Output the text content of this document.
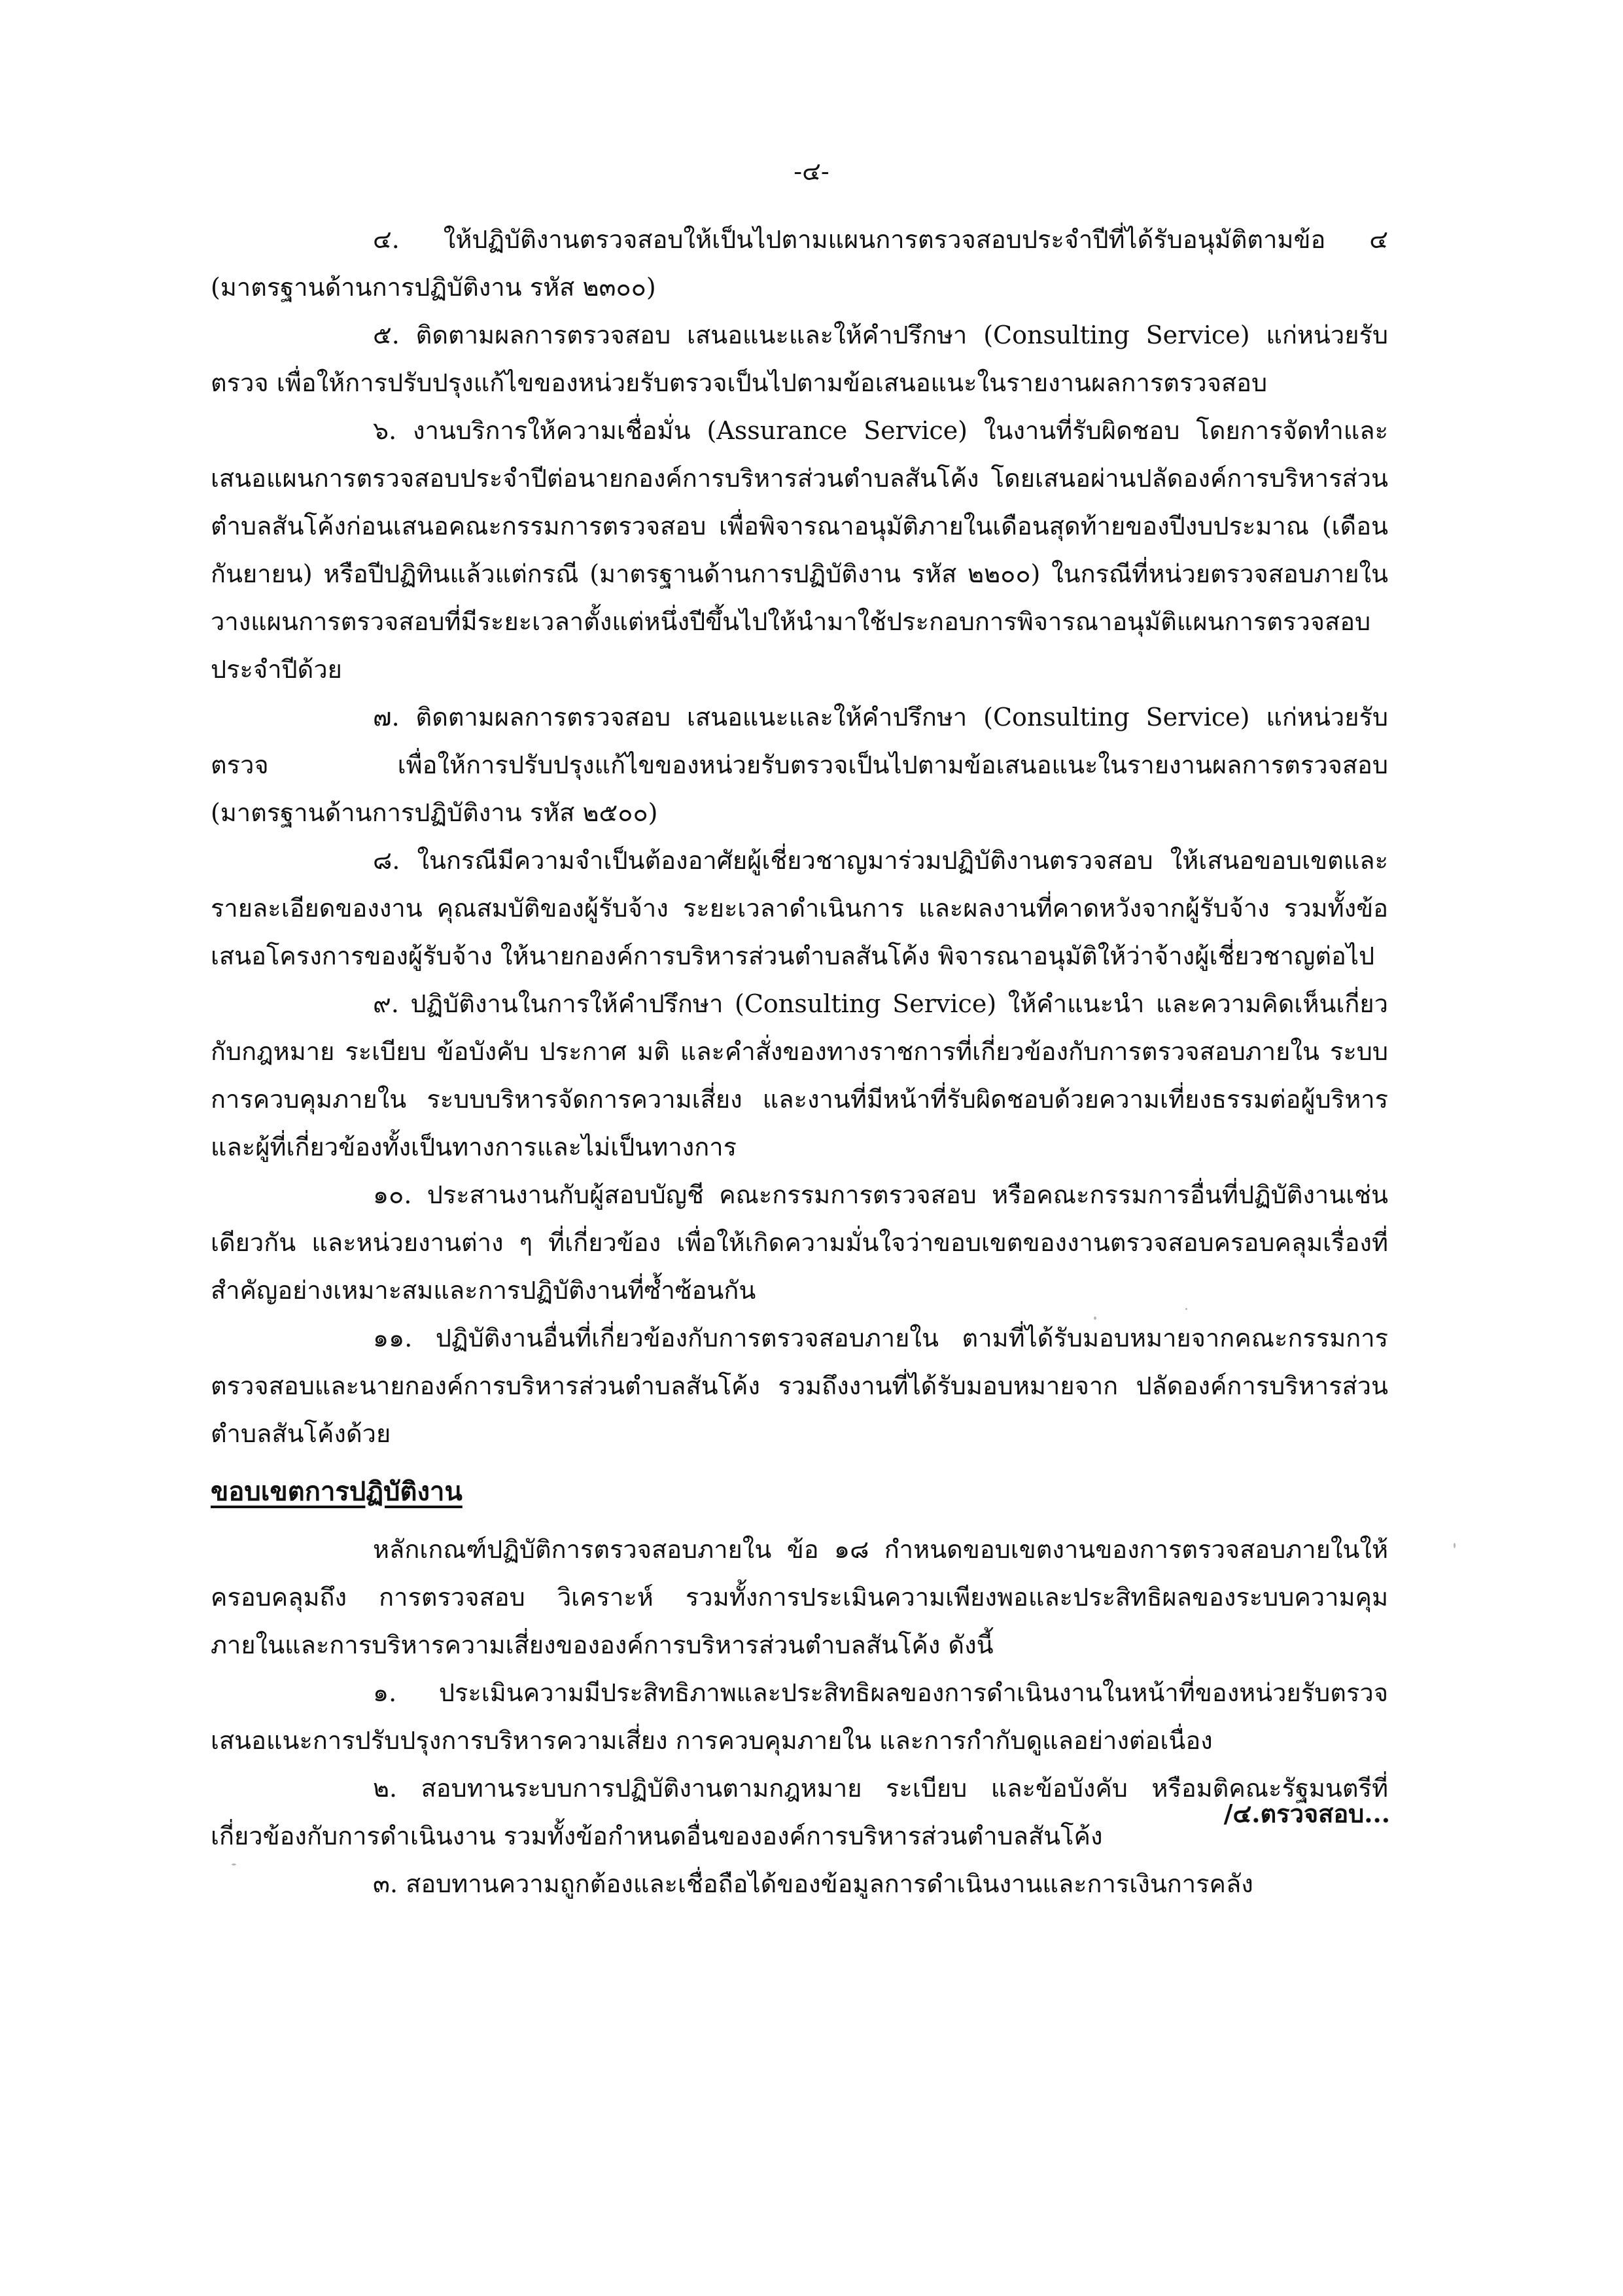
-๔-

๔. ให้ปฏิบัติงานตรวจสอบให้เป็นไปตามแผนการตรวจสอบประจำปีที่ได้รับอนุมัติตามข้อ ๔ (มาตรฐานด้านการปฏิบัติงาน รหัส ๒๓๐๐)

๕. ติดตามผลการตรวจสอบ เสนอแนะและให้คำปรึกษา (Consulting Service) แก่หน่วยรับตรวจ เพื่อให้การปรับปรุงแก้ไขของหน่วยรับตรวจเป็นไปตามข้อเสนอแนะในรายงานผลการตรวจสอบ

๖. งานบริการให้ความเชื่อมั่น (Assurance Service) ในงานที่รับผิดชอบ โดยการจัดทำและเสนอแผนการตรวจสอบประจำปีต่อนายกองค์การบริหารส่วนตำบลสันโค้ง โดยเสนอผ่านปลัดองค์การบริหารส่วนตำบลสันโค้งก่อนเสนอคณะกรรมการตรวจสอบ เพื่อพิจารณาอนุมัติภายในเดือนสุดท้ายของปีงบประมาณ (เดือนกันยายน) หรือปีปฏิทินแล้วแต่กรณี (มาตรฐานด้านการปฏิบัติงาน รหัส ๒๒๐๐) ในกรณีที่หน่วยตรวจสอบภายในวางแผนการตรวจสอบที่มีระยะเวลาตั้งแต่หนึ่งปีขึ้นไปให้นำมาใช้ประกอบการพิจารณาอนุมัติแผนการตรวจสอบประจำปีด้วย

๗. ติดตามผลการตรวจสอบ เสนอแนะและให้คำปรึกษา (Consulting Service) แก่หน่วยรับตรวจ เพื่อให้การปรับปรุงแก้ไขของหน่วยรับตรวจเป็นไปตามข้อเสนอแนะในรายงานผลการตรวจสอบ (มาตรฐานด้านการปฏิบัติงาน รหัส ๒๕๐๐)

๘. ในกรณีมีความจำเป็นต้องอาศัยผู้เชี่ยวชาญมาร่วมปฏิบัติงานตรวจสอบ ให้เสนอขอบเขตและรายละเอียดของงาน คุณสมบัติของผู้รับจ้าง ระยะเวลาดำเนินการ และผลงานที่คาดหวังจากผู้รับจ้าง รวมทั้งข้อเสนอโครงการของผู้รับจ้าง ให้นายกองค์การบริหารส่วนตำบลสันโค้ง พิจารณาอนุมัติให้ว่าจ้างผู้เชี่ยวชาญต่อไป

๙. ปฏิบัติงานในการให้คำปรึกษา (Consulting Service) ให้คำแนะนำ และความคิดเห็นเกี่ยวกับกฎหมาย ระเบียบ ข้อบังคับ ประกาศ มติ และคำสั่งของทางราชการที่เกี่ยวข้องกับการตรวจสอบภายใน ระบบการควบคุมภายใน ระบบบริหารจัดการความเสี่ยง และงานที่มีหน้าที่รับผิดชอบด้วยความเที่ยงธรรมต่อผู้บริหารและผู้ที่เกี่ยวข้องทั้งเป็นทางการและไม่เป็นทางการ

๑๐. ประสานงานกับผู้สอบบัญชี คณะกรรมการตรวจสอบ หรือคณะกรรมการอื่นที่ปฏิบัติงานเช่นเดียวกัน และหน่วยงานต่าง ๆ ที่เกี่ยวข้อง เพื่อให้เกิดความมั่นใจว่าขอบเขตของงานตรวจสอบครอบคลุมเรื่องที่สำคัญอย่างเหมาะสมและการปฏิบัติงานที่ซ้ำซ้อนกัน

๑๑. ปฏิบัติงานอื่นที่เกี่ยวข้องกับการตรวจสอบภายใน ตามที่ได้รับมอบหมายจากคณะกรรมการตรวจสอบและนายกองค์การบริหารส่วนตำบลสันโค้ง รวมถึงงานที่ได้รับมอบหมายจาก ปลัดองค์การบริหารส่วนตำบลสันโค้งด้วย

ขอบเขตการปฏิบัติงาน

หลักเกณฑ์ปฏิบัติการตรวจสอบภายใน ข้อ ๑๘ กำหนดขอบเขตงานของการตรวจสอบภายในให้ครอบคลุมถึง การตรวจสอบ วิเคราะห์ รวมทั้งการประเมินความเพียงพอและประสิทธิผลของระบบความคุมภายในและการบริหารความเสี่ยงขององค์การบริหารส่วนตำบลสันโค้ง ดังนี้

๑. ประเมินความมีประสิทธิภาพและประสิทธิผลของการดำเนินงานในหน้าที่ของหน่วยรับตรวจ เสนอแนะการปรับปรุงการบริหารความเสี่ยง การควบคุมภายใน และการกำกับดูแลอย่างต่อเนื่อง

๒. สอบทานระบบการปฏิบัติงานตามกฎหมาย ระเบียบ และข้อบังคับ หรือมติคณะรัฐมนตรีที่เกี่ยวข้องกับการดำเนินงาน รวมทั้งข้อกำหนดอื่นขององค์การบริหารส่วนตำบลสันโค้ง

๓. สอบทานความถูกต้องและเชื่อถือได้ของข้อมูลการดำเนินงานและการเงินการคลัง

/๔.ตรวจสอบ...
